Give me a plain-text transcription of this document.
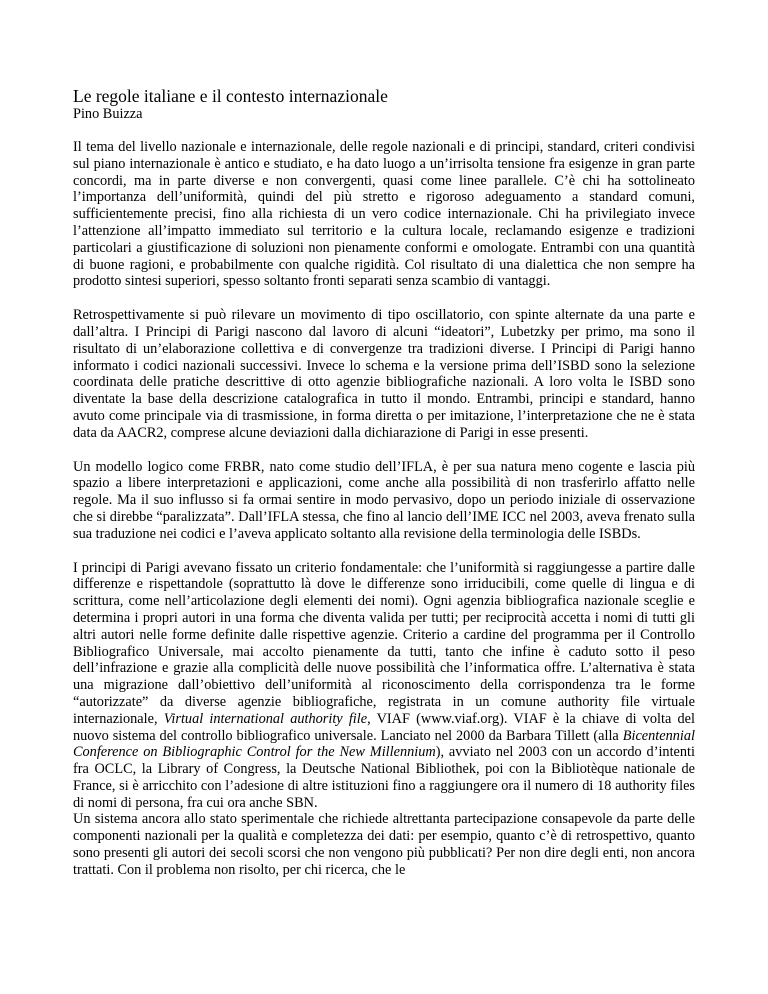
Le regole italiane e il contesto internazionale
Pino Buizza

Il tema del livello nazionale e internazionale, delle regole nazionali e di principi, standard, criteri condivisi sul piano internazionale è antico e studiato, e ha dato luogo a un’irrisolta tensione fra esigenze in gran parte concordi, ma in parte diverse e non convergenti, quasi come linee parallele. C’è chi ha sottolineato l’importanza dell’uniformità, quindi del più stretto e rigoroso adeguamento a standard comuni, sufficientemente precisi, fino alla richiesta di un vero codice internazionale. Chi ha privilegiato invece l’attenzione all’impatto immediato sul territorio e la cultura locale, reclamando esigenze e tradizioni particolari a giustificazione di soluzioni non pienamente conformi e omologate. Entrambi con una quantità di buone ragioni, e probabilmente con qualche rigidità. Col risultato di una dialettica che non sempre ha prodotto sintesi superiori, spesso soltanto fronti separati senza scambio di vantaggi.

Retrospettivamente si può rilevare un movimento di tipo oscillatorio, con spinte alternate da una parte e dall’altra. I Principi di Parigi nascono dal lavoro di alcuni “ideatori”, Lubetzky per primo, ma sono il risultato di un’elaborazione collettiva e di convergenze tra tradizioni diverse. I Principi di Parigi hanno informato i codici nazionali successivi. Invece lo schema e la versione prima dell’ISBD sono la selezione coordinata delle pratiche descrittive di otto agenzie bibliografiche nazionali. A loro volta le ISBD sono diventate la base della descrizione catalografica in tutto il mondo. Entrambi, principi e standard, hanno avuto come principale via di trasmissione, in forma diretta o per imitazione, l’interpretazione che ne è stata data da AACR2, comprese alcune deviazioni dalla dichiarazione di Parigi in esse presenti.

Un modello logico come FRBR, nato come studio dell’IFLA, è per sua natura meno cogente e lascia più spazio a libere interpretazioni e applicazioni, come anche alla possibilità di non trasferirlo affatto nelle regole. Ma il suo influsso si fa ormai sentire in modo pervasivo, dopo un periodo iniziale di osservazione che si direbbe “paralizzata”. Dall’IFLA stessa, che fino al lancio dell’IME ICC nel 2003, aveva frenato sulla sua traduzione nei codici e l’aveva applicato soltanto alla revisione della terminologia delle ISBDs.

I principi di Parigi avevano fissato un criterio fondamentale: che l’uniformità si raggiungesse a partire dalle differenze e rispettandole (soprattutto là dove le differenze sono irriducibili, come quelle di lingua e di scrittura, come nell’articolazione degli elementi dei nomi). Ogni agenzia bibliografica nazionale sceglie e determina i propri autori in una forma che diventa valida per tutti; per reciprocità accetta i nomi di tutti gli altri autori nelle forme definite dalle rispettive agenzie. Criterio a cardine del programma per il Controllo Bibliografico Universale, mai accolto pienamente da tutti, tanto che infine è caduto sotto il peso dell’infrazione e grazie alla complicità delle nuove possibilità che l’informatica offre. L’alternativa è stata una migrazione dall’obiettivo dell’uniformità al riconoscimento della corrispondenza tra le forme “autorizzate” da diverse agenzie bibliografiche, registrata in un comune authority file virtuale internazionale, Virtual international authority file, VIAF (www.viaf.org). VIAF è la chiave di volta del nuovo sistema del controllo bibliografico universale. Lanciato nel 2000 da Barbara Tillett (alla Bicentennial Conference on Bibliographic Control for the New Millennium), avviato nel 2003 con un accordo d’intenti fra OCLC, la Library of Congress, la Deutsche National Bibliothek, poi con la Bibliotèque nationale de France, si è arricchito con l’adesione di altre istituzioni fino a raggiungere ora il numero di 18 authority files di nomi di persona, fra cui ora anche SBN.

Un sistema ancora allo stato sperimentale che richiede altrettanta partecipazione consapevole da parte delle componenti nazionali per la qualità e completezza dei dati: per esempio, quanto c’è di retrospettivo, quanto sono presenti gli autori dei secoli scorsi che non vengono più pubblicati? Per non dire degli enti, non ancora trattati. Con il problema non risolto, per chi ricerca, che le
